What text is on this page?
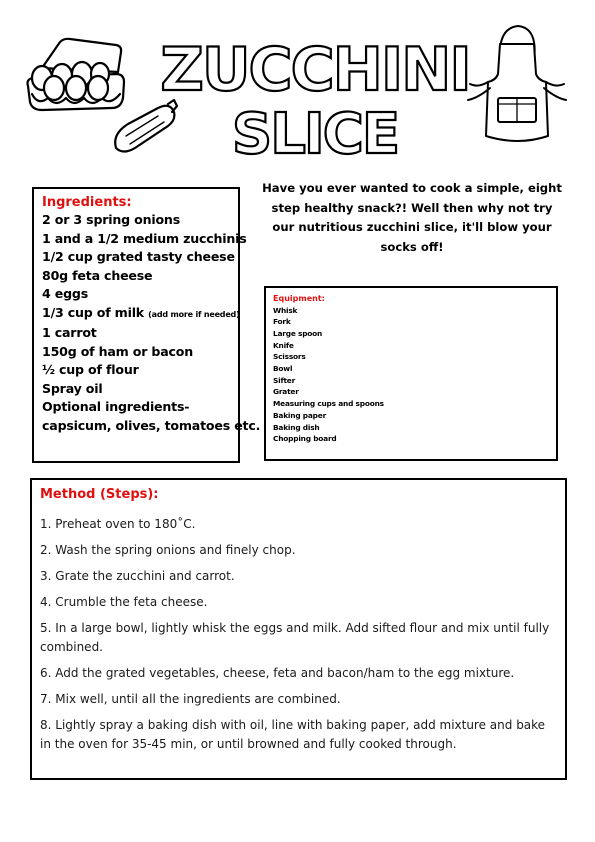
ZUCCHINI
SLICE
Ingredients:
2 or 3 spring onions
1 and a 1/2 medium zucchinis
1/2 cup grated tasty cheese
80g feta cheese
4 eggs
1/3 cup of milk (add more if needed)
1 carrot
150g of ham or bacon
½ cup of flour
Spray oil
Optional ingredients-
capsicum, olives, tomatoes etc.
Have you ever wanted to cook a simple, eight step healthy snack?! Well then why not try our nutritious zucchini slice, it'll blow your socks off!
Equipment:
Whisk
Fork
Large spoon
Knife
Scissors
Bowl
Sifter
Grater
Measuring cups and spoons
Baking paper
Baking dish
Chopping board
Method (Steps):
1. Preheat oven to 180˚C.
2. Wash the spring onions and finely chop.
3. Grate the zucchini and carrot.
4. Crumble the feta cheese.
5. In a large bowl, lightly whisk the eggs and milk. Add sifted flour and mix until fully combined.
6. Add the grated vegetables, cheese, feta and bacon/ham to the egg mixture.
7. Mix well, until all the ingredients are combined.
8. Lightly spray a baking dish with oil, line with baking paper, add mixture and bake in the oven for 35-45 min, or until browned and fully cooked through.
